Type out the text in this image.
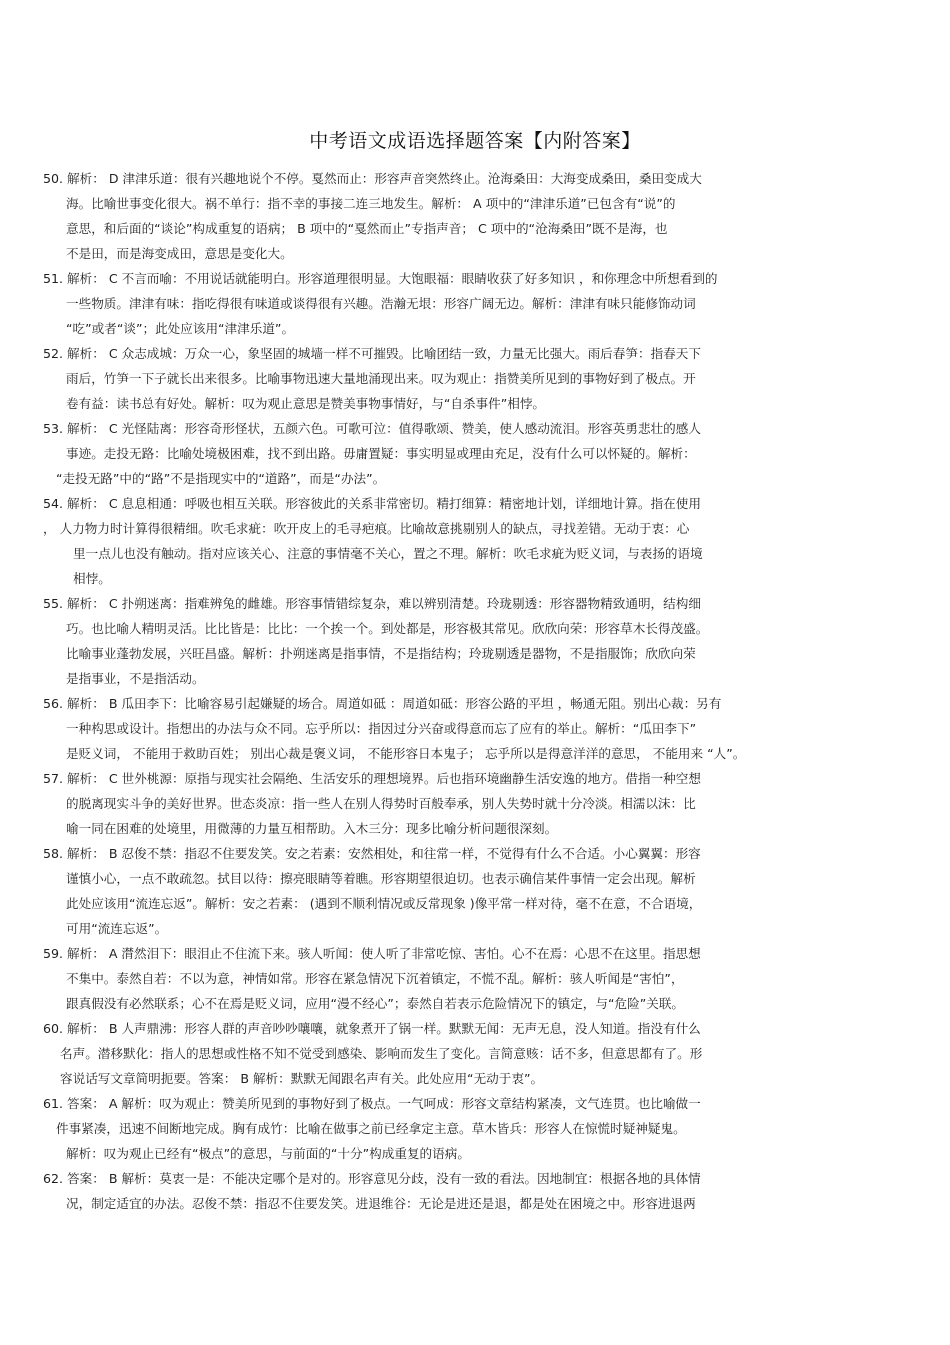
中考语文成语选择题答案【内附答案】
50. 解析： D 津津乐道：很有兴趣地说个不停。戛然而止：形容声音突然终止。沧海桑田：大海变成桑田，桑田变成大
海。比喻世事变化很大。祸不单行：指不幸的事接二连三地发生。解析： A 项中的“津津乐道”已包含有“说”的
意思，和后面的“谈论”构成重复的语病； B 项中的“戛然而止”专指声音； C 项中的“沧海桑田”既不是海，也
不是田，而是海变成田，意思是变化大。
51. 解析： C 不言而喻：不用说话就能明白。形容道理很明显。大饱眼福：眼睛收获了好多知识 ，和你理念中所想看到的
一些物质。津津有味：指吃得很有味道或谈得很有兴趣。浩瀚无垠：形容广阔无边。解析：津津有味只能修饰动词
“吃”或者“谈”；此处应该用“津津乐道”。
52. 解析： C 众志成城：万众一心，象坚固的城墙一样不可摧毁。比喻团结一致，力量无比强大。雨后春笋：指春天下
雨后，竹笋一下子就长出来很多。比喻事物迅速大量地涌现出来。叹为观止：指赞美所见到的事物好到了极点。开
卷有益：读书总有好处。解析：叹为观止意思是赞美事物事情好，与“自杀事件”相悖。
53. 解析： C 光怪陆离：形容奇形怪状，五颜六色。可歌可泣：值得歌颂、赞美，使人感动流泪。形容英勇悲壮的感人
事迹。走投无路：比喻处境极困难，找不到出路。毋庸置疑：事实明显或理由充足，没有什么可以怀疑的。解析：
“走投无路”中的“路”不是指现实中的“道路”，而是“办法”。
54. 解析： C 息息相通：呼吸也相互关联。形容彼此的关系非常密切。精打细算：精密地计划，详细地计算。指在使用
， 人力物力时计算得很精细。吹毛求疵：吹开皮上的毛寻疤痕。比喻故意挑剔别人的缺点，寻找差错。无动于衷：心
里一点儿也没有触动。指对应该关心、注意的事情毫不关心，置之不理。解析：吹毛求疵为贬义词，与表扬的语境
相悖。
55. 解析： C 扑朔迷离：指难辨兔的雌雄。形容事情错综复杂，难以辨别清楚。玲珑剔透：形容器物精致通明，结构细
巧。也比喻人精明灵活。比比皆是：比比：一个挨一个。到处都是，形容极其常见。欣欣向荣：形容草木长得茂盛。
比喻事业蓬勃发展，兴旺昌盛。解析：扑朔迷离是指事情，不是指结构；玲珑剔透是器物，不是指服饰；欣欣向荣
是指事业，不是指活动。
56. 解析： B 瓜田李下：比喻容易引起嫌疑的场合。周道如砥 ：周道如砥：形容公路的平坦 ，畅通无阻。别出心裁：另有
一种构思或设计。指想出的办法与众不同。忘乎所以：指因过分兴奋或得意而忘了应有的举止。解析：“瓜田李下”
是贬义词， 不能用于救助百姓； 别出心裁是褒义词， 不能形容日本鬼子； 忘乎所以是得意洋洋的意思， 不能用来 “人”。
57. 解析： C 世外桃源：原指与现实社会隔绝、生活安乐的理想境界。后也指环境幽静生活安逸的地方。借指一种空想
的脱离现实斗争的美好世界。世态炎凉：指一些人在别人得势时百般奉承，别人失势时就十分冷淡。相濡以沫：比
喻一同在困难的处境里，用微薄的力量互相帮助。入木三分：现多比喻分析问题很深刻。
58. 解析： B 忍俊不禁：指忍不住要发笑。安之若素：安然相处，和往常一样，不觉得有什么不合适。小心翼翼：形容
谨慎小心，一点不敢疏忽。拭目以待：擦亮眼睛等着瞧。形容期望很迫切。也表示确信某件事情一定会出现。解析
此处应该用“流连忘返”。解析：安之若素： (遇到不顺利情况或反常现象 )像平常一样对待，毫不在意，不合语境，
可用“流连忘返”。
59. 解析： A 潸然泪下：眼泪止不住流下来。骇人听闻：使人听了非常吃惊、害怕。心不在焉：心思不在这里。指思想
不集中。泰然自若：不以为意，神情如常。形容在紧急情况下沉着镇定，不慌不乱。解析：骇人听闻是“害怕”，
跟真假没有必然联系；心不在焉是贬义词，应用“漫不经心”；泰然自若表示危险情况下的镇定，与“危险”关联。
60. 解析： B 人声鼎沸：形容人群的声音吵吵嚷嚷，就象煮开了锅一样。默默无闻：无声无息，没人知道。指没有什么
名声。潜移默化：指人的思想或性格不知不觉受到感染、影响而发生了变化。言简意赅：话不多，但意思都有了。形
容说话写文章简明扼要。答案： B 解析：默默无闻跟名声有关。此处应用“无动于衷”。
61. 答案： A 解析：叹为观止：赞美所见到的事物好到了极点。一气呵成：形容文章结构紧凑，文气连贯。也比喻做一
件事紧凑，迅速不间断地完成。胸有成竹：比喻在做事之前已经拿定主意。草木皆兵：形容人在惊慌时疑神疑鬼。
解析：叹为观止已经有“极点”的意思，与前面的“十分”构成重复的语病。
62. 答案： B 解析：莫衷一是：不能决定哪个是对的。形容意见分歧，没有一致的看法。因地制宜：根据各地的具体情
况，制定适宜的办法。忍俊不禁：指忍不住要发笑。进退维谷：无论是进还是退，都是处在困境之中。形容进退两
